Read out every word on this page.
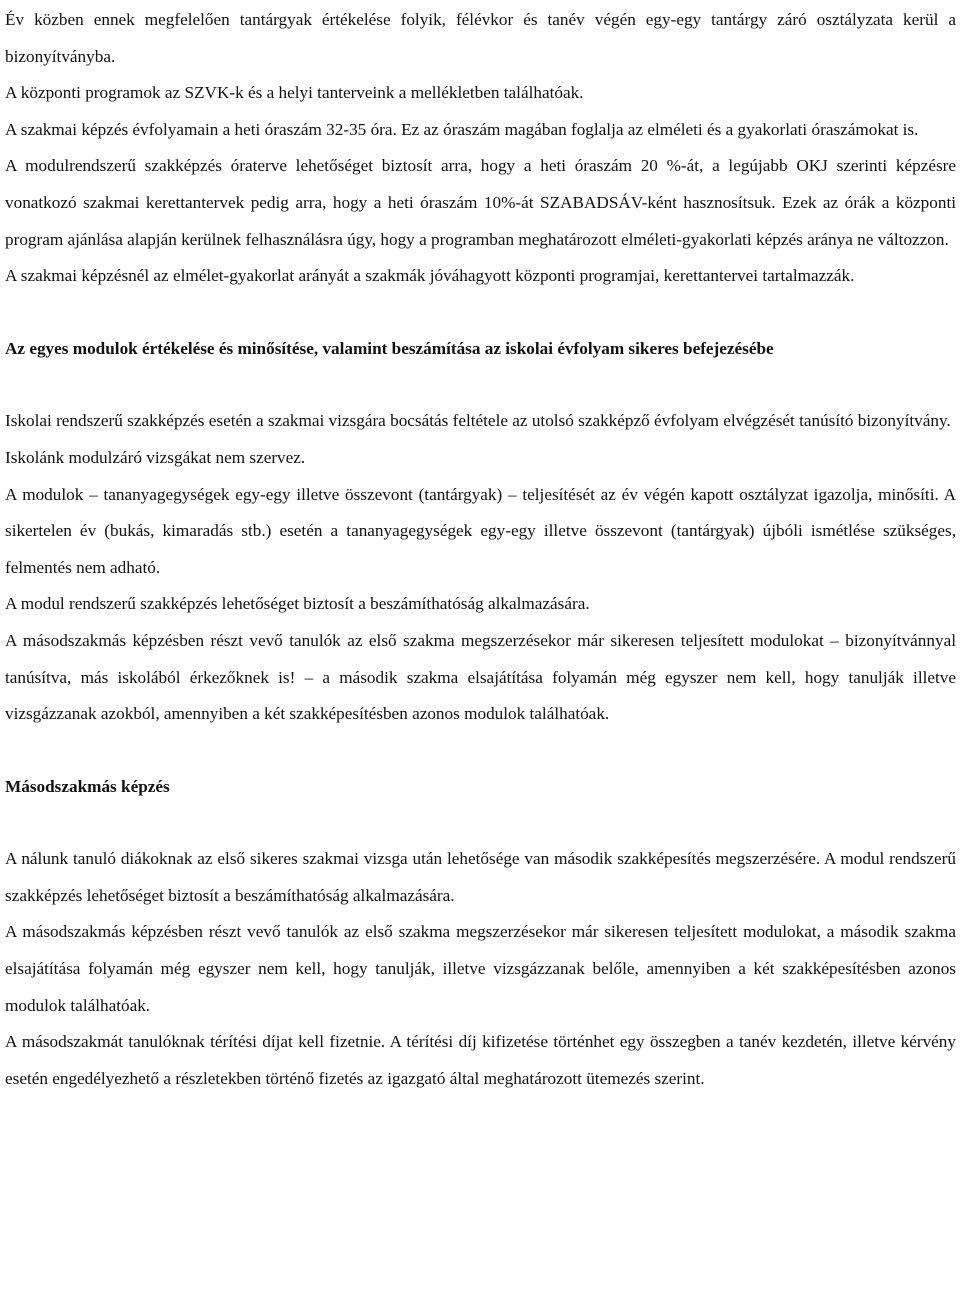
Év közben ennek megfelelően tantárgyak értékelése folyik, félévkor és tanév végén egy-egy tantárgy záró osztályzata kerül a bizonyítványba.

A központi programok az SZVK-k és a helyi tanterveink a mellékletben találhatóak.

A szakmai képzés évfolyamain a heti óraszám 32-35 óra. Ez az óraszám magában foglalja az elméleti és a gyakorlati óraszámokat is.

A modulrendszerű szakképzés óraterve lehetőséget biztosít arra, hogy a heti óraszám 20 %-át, a legújabb OKJ szerinti képzésre vonatkozó szakmai kerettantervek pedig arra, hogy a heti óraszám 10%-át SZABADSÁV-ként hasznosítsuk. Ezek az órák a központi program ajánlása alapján kerülnek felhasználásra úgy, hogy a programban meghatározott elméleti-gyakorlati képzés aránya ne változzon.

A szakmai képzésnél az elmélet-gyakorlat arányát a szakmák jóváhagyott központi programjai, kerettantervei tartalmazzák.

Az egyes modulok értékelése és minősítése, valamint beszámítása az iskolai évfolyam sikeres befejezésébe

Iskolai rendszerű szakképzés esetén a szakmai vizsgára bocsátás feltétele az utolsó szakképző évfolyam elvégzését tanúsító bizonyítvány.

Iskolánk modulzáró vizsgákat nem szervez.

A modulok – tananyagegységek egy-egy illetve összevont (tantárgyak) – teljesítését az év végén kapott osztályzat igazolja, minősíti. A sikertelen év (bukás, kimaradás stb.) esetén a tananyagegységek egy-egy illetve összevont (tantárgyak) újbóli ismétlése szükséges, felmentés nem adható.

A modul rendszerű szakképzés lehetőséget biztosít a beszámíthatóság alkalmazására.

A másodszakmás képzésben részt vevő tanulók az első szakma megszerzésekor már sikeresen teljesített modulokat – bizonyítvánnyal tanúsítva, más iskolából érkezőknek is! – a második szakma elsajátítása folyamán még egyszer nem kell, hogy tanulják illetve vizsgázzanak azokból, amennyiben a két szakképesítésben azonos modulok találhatóak.

Másodszakmás képzés

A nálunk tanuló diákoknak az első sikeres szakmai vizsga után lehetősége van második szakképesítés megszerzésére. A modul rendszerű szakképzés lehetőséget biztosít a beszámíthatóság alkalmazására.

A másodszakmás képzésben részt vevő tanulók az első szakma megszerzésekor már sikeresen teljesített modulokat, a második szakma elsajátítása folyamán még egyszer nem kell, hogy tanulják, illetve vizsgázzanak belőle, amennyiben a két szakképesítésben azonos modulok találhatóak.

A másodszakmát tanulóknak térítési díjat kell fizetnie. A térítési díj kifizetése történhet egy összegben a tanév kezdetén, illetve kérvény esetén engedélyezhető a részletekben történő fizetés az igazgató által meghatározott ütemezés szerint.
